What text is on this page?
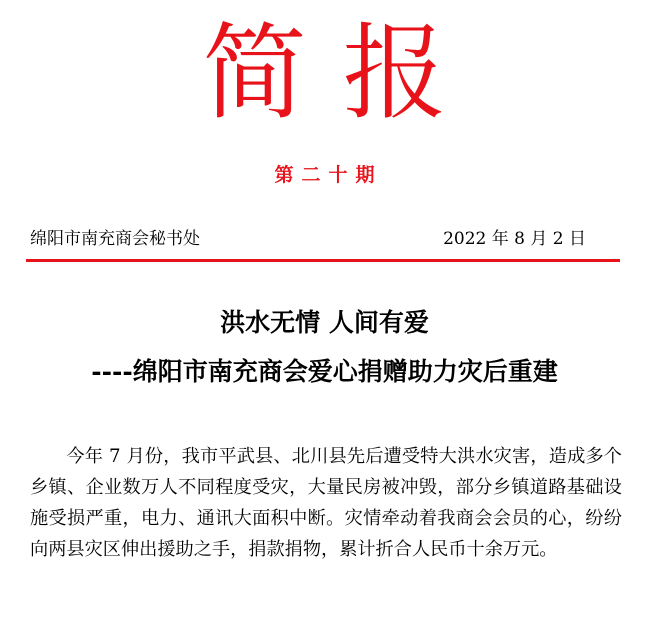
简报
第二十期
绵阳市南充商会秘书处	2022 年 8 月 2 日
洪水无情 人间有爱
----绵阳市南充商会爱心捐赠助力灾后重建

今年 7 月份，我市平武县、北川县先后遭受特大洪水灾害，造成多个乡镇、企业数万人不同程度受灾，大量民房被冲毁，部分乡镇道路基础设施受损严重，电力、通讯大面积中断。灾情牵动着我商会会员的心，纷纷向两县灾区伸出援助之手，捐款捐物，累计折合人民币十余万元。
